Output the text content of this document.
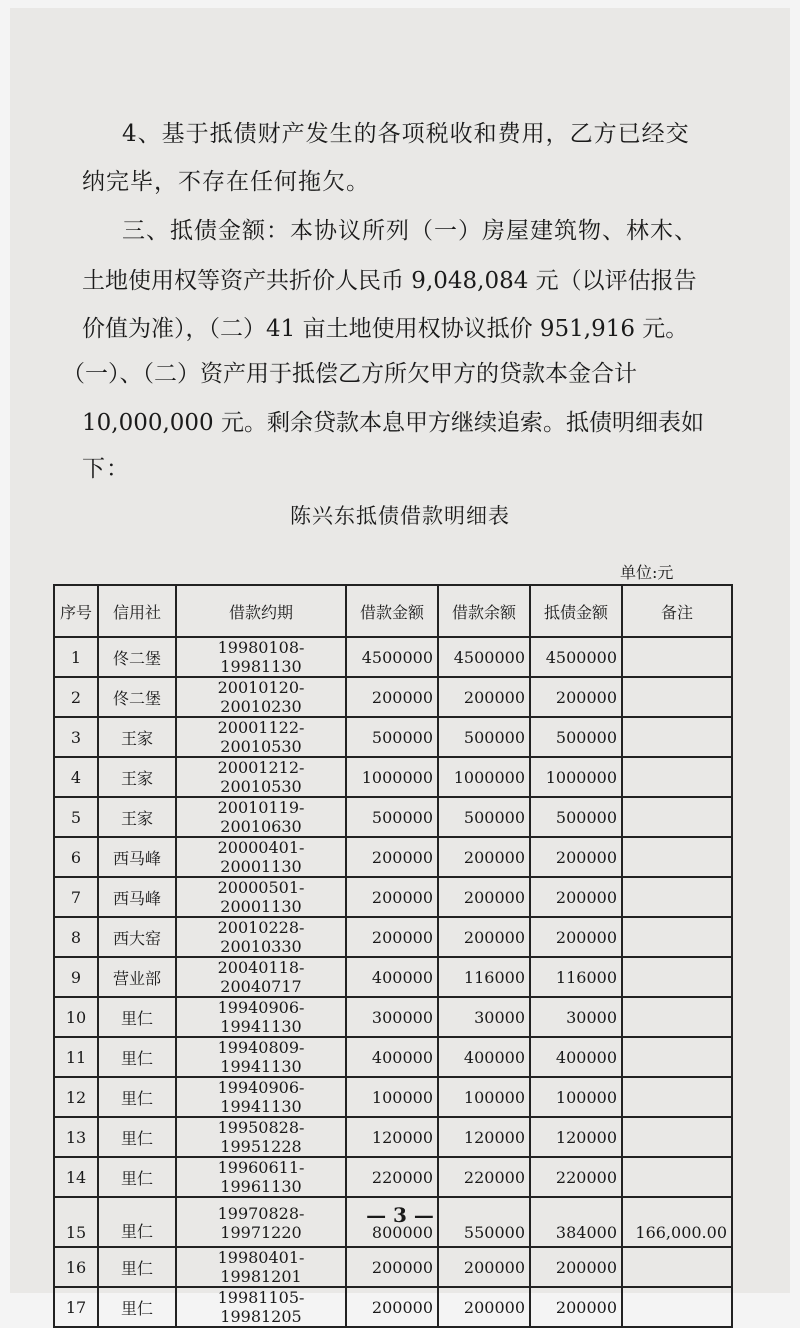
4、基于抵债财产发生的各项税收和费用，乙方已经交
纳完毕，不存在任何拖欠。
三、抵债金额：本协议所列（一）房屋建筑物、林木、
土地使用权等资产共折价人民币 9,048,084 元（以评估报告
价值为准），（二）41 亩土地使用权协议抵价 951,916 元。
（一）、（二）资产用于抵偿乙方所欠甲方的贷款本金合计
10,000,000 元。剩余贷款本息甲方继续追索。抵债明细表如
下：
陈兴东抵债借款明细表
单位:元
序号	信用社	借款约期	借款金额	借款余额	抵债金额	备注
1	佟二堡	19980108-19981130	4500000	4500000	4500000	
2	佟二堡	20010120-20010230	200000	200000	200000	
3	王家	20001122-20010530	500000	500000	500000	
4	王家	20001212-20010530	1000000	1000000	1000000	
5	王家	20010119-20010630	500000	500000	500000	
6	西马峰	20000401-20001130	200000	200000	200000	
7	西马峰	20000501-20001130	200000	200000	200000	
8	西大窑	20010228-20010330	200000	200000	200000	
9	营业部	20040118-20040717	400000	116000	116000	
10	里仁	19940906-19941130	300000	30000	30000	
11	里仁	19940809-19941130	400000	400000	400000	
12	里仁	19940906-19941130	100000	100000	100000	
13	里仁	19950828-19951228	120000	120000	120000	
14	里仁	19960611-19961130	220000	220000	220000	
15	里仁	19970828-19971220	800000	550000	384000	166,000.00
16	里仁	19980401-19981201	200000	200000	200000	
17	里仁	19981105-19981205	200000	200000	200000	
— 3 —
